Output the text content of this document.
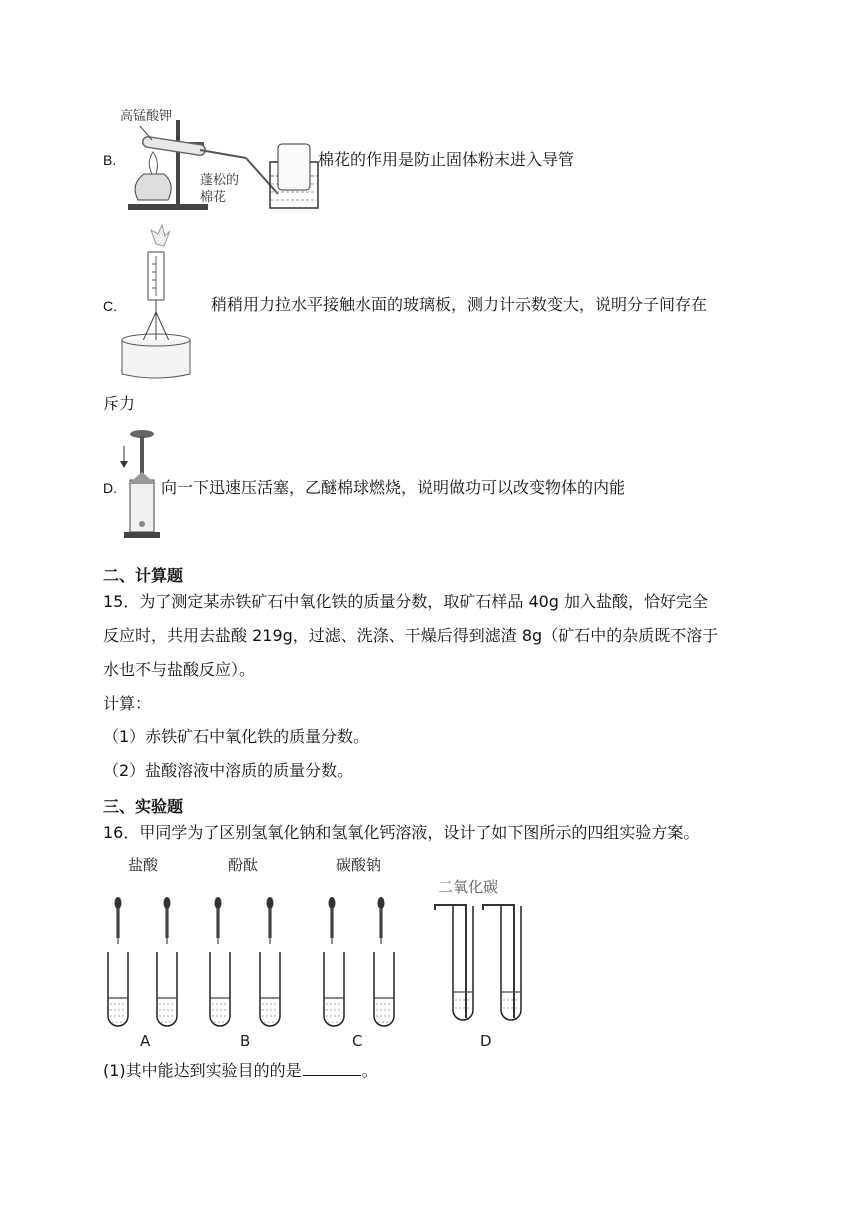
B.
高锰酸钾
蓬松的
棉花
棉花的作用是防止固体粉末进入导管
C.	稍稍用力拉水平接触水面的玻璃板，测力计示数变大，说明分子间存在
斥力
D.	向一下迅速压活塞，乙醚棉球燃烧，说明做功可以改变物体的内能
二、计算题
15．为了测定某赤铁矿石中氧化铁的质量分数，取矿石样品 40g 加入盐酸，恰好完全
反应时，共用去盐酸 219g，过滤、洗涤、干燥后得到滤渣 8g（矿石中的杂质既不溶于
水也不与盐酸反应）。
计算：
（1）赤铁矿石中氧化铁的质量分数。
（2）盐酸溶液中溶质的质量分数。
三、实验题
16．甲同学为了区别氢氧化钠和氢氧化钙溶液，设计了如下图所示的四组实验方案。
盐酸	酚酞	碳酸钠
二氧化碳
A	B	C	D
(1)其中能达到实验目的的是	。
